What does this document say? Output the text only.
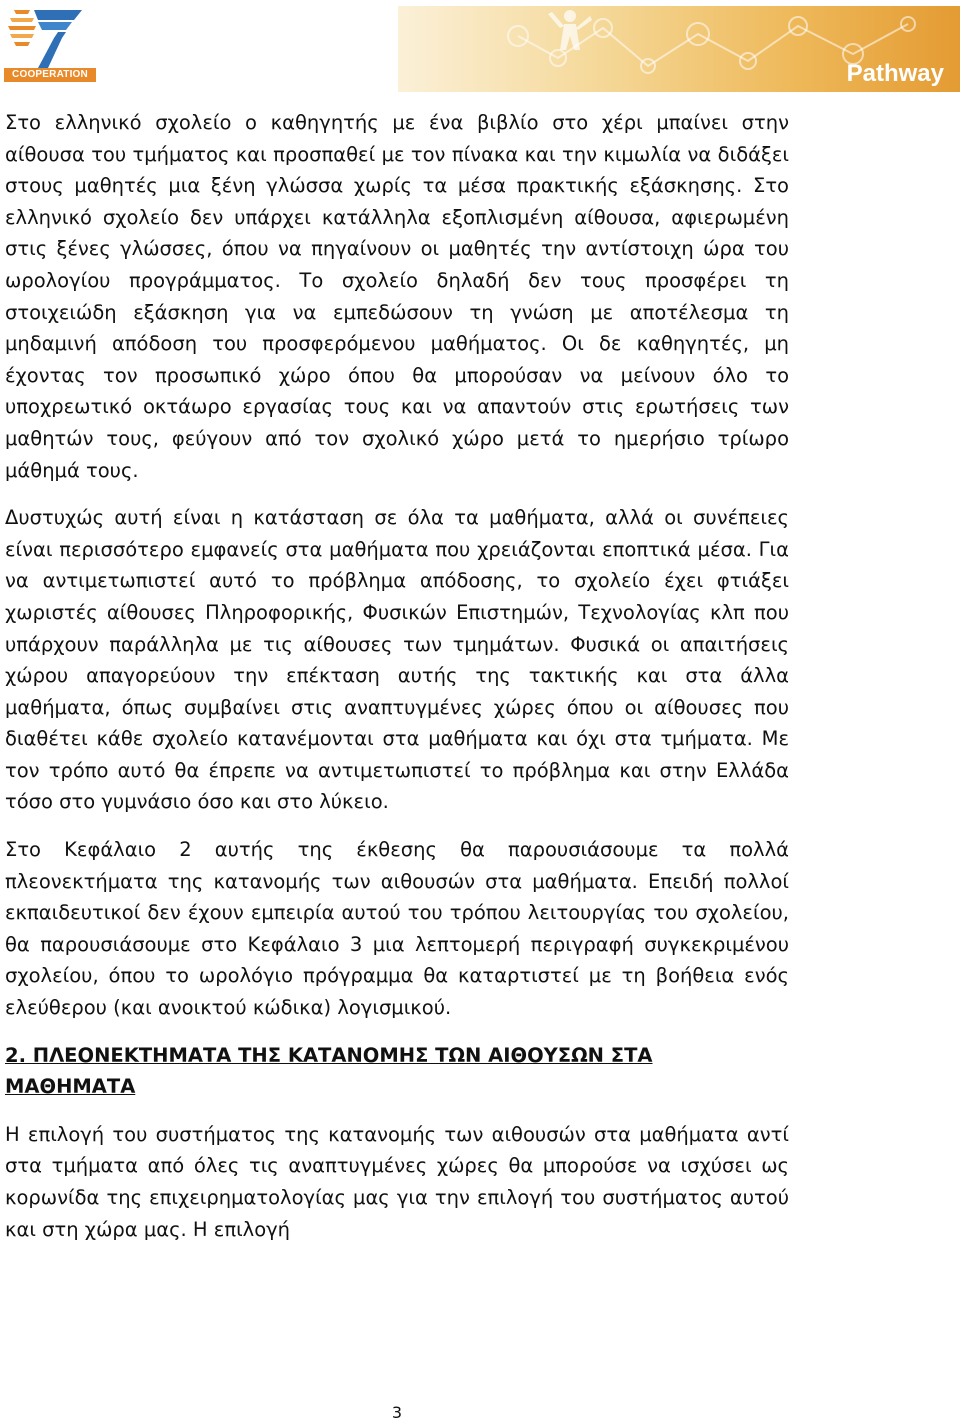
COOPERATION	Pathway

Στο ελληνικό σχολείο ο καθηγητής με ένα βιβλίο στο χέρι μπαίνει στην αίθουσα του τμήματος και προσπαθεί με τον πίνακα και την κιμωλία να διδάξει στους μαθητές μια ξένη γλώσσα χωρίς τα μέσα πρακτικής εξάσκησης. Στο ελληνικό σχολείο δεν υπάρχει κατάλληλα εξοπλισμένη αίθουσα, αφιερωμένη στις ξένες γλώσσες, όπου να πηγαίνουν οι μαθητές την αντίστοιχη ώρα του ωρολογίου προγράμματος. Το σχολείο δηλαδή δεν τους προσφέρει τη στοιχειώδη εξάσκηση για να εμπεδώσουν τη γνώση με αποτέλεσμα τη μηδαμινή απόδοση του προσφερόμενου μαθήματος. Οι δε καθηγητές, μη έχοντας τον προσωπικό χώρο όπου θα μπορούσαν να μείνουν όλο το υποχρεωτικό οκτάωρο εργασίας τους και να απαντούν στις ερωτήσεις των μαθητών τους, φεύγουν από τον σχολικό χώρο μετά το ημερήσιο τρίωρο μάθημά τους.

Δυστυχώς αυτή είναι η κατάσταση σε όλα τα μαθήματα, αλλά οι συνέπειες είναι περισσότερο εμφανείς στα μαθήματα που χρειάζονται εποπτικά μέσα. Για να αντιμετωπιστεί αυτό το πρόβλημα απόδοσης, το σχολείο έχει φτιάξει χωριστές αίθουσες Πληροφορικής, Φυσικών Επιστημών, Τεχνολογίας κλπ που υπάρχουν παράλληλα με τις αίθουσες των τμημάτων. Φυσικά οι απαιτήσεις χώρου απαγορεύουν την επέκταση αυτής της τακτικής και στα άλλα μαθήματα, όπως συμβαίνει στις αναπτυγμένες χώρες όπου οι αίθουσες που διαθέτει κάθε σχολείο κατανέμονται στα μαθήματα και όχι στα τμήματα. Με τον τρόπο αυτό θα έπρεπε να αντιμετωπιστεί το πρόβλημα και στην Ελλάδα τόσο στο γυμνάσιο όσο και στο λύκειο.

Στο Κεφάλαιο 2 αυτής της έκθεσης θα παρουσιάσουμε τα πολλά πλεονεκτήματα της κατανομής των αιθουσών στα μαθήματα. Επειδή πολλοί εκπαιδευτικοί δεν έχουν εμπειρία αυτού του τρόπου λειτουργίας του σχολείου, θα παρουσιάσουμε στο Κεφάλαιο 3 μια λεπτομερή περιγραφή συγκεκριμένου σχολείου, όπου το ωρολόγιο πρόγραμμα θα καταρτιστεί με τη βοήθεια ενός ελεύθερου (και ανοικτού κώδικα) λογισμικού.

2. ΠΛΕΟΝΕΚΤΗΜΑΤΑ ΤΗΣ ΚΑΤΑΝΟΜΗΣ ΤΩΝ ΑΙΘΟΥΣΩΝ ΣΤΑ ΜΑΘΗΜΑΤΑ

Η επιλογή του συστήματος της κατανομής των αιθουσών στα μαθήματα αντί στα τμήματα από όλες τις αναπτυγμένες χώρες θα μπορούσε να ισχύσει ως κορωνίδα της επιχειρηματολογίας μας για την επιλογή του συστήματος αυτού και στη χώρα μας. Η επιλογή

3
